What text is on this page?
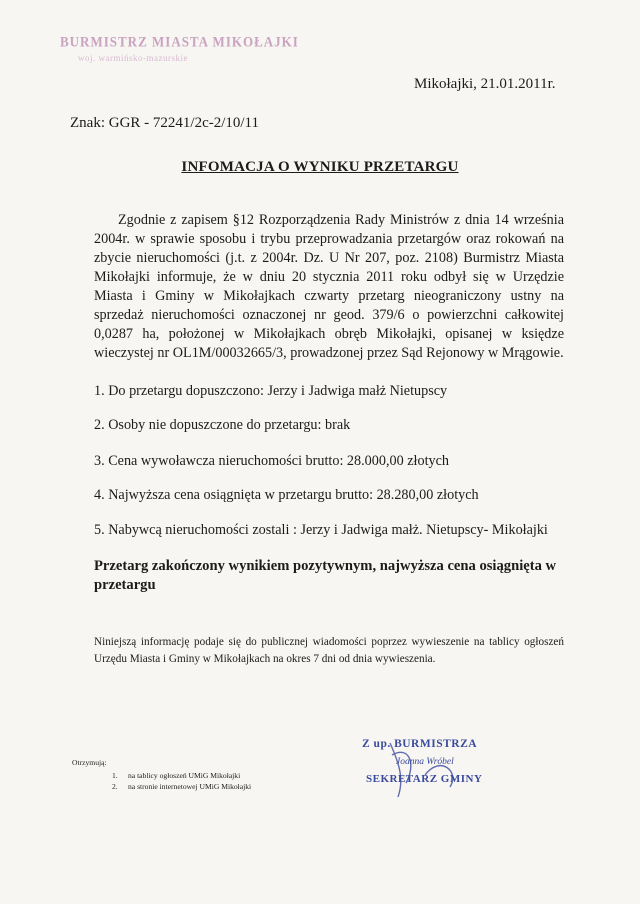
BURMISTRZ MIASTA MIKOŁAJKI
woj. warmińsko-mazurskie
Mikołajki, 21.01.2011r.
Znak: GGR - 72241/2c-2/10/11
INFOMACJA O WYNIKU PRZETARGU
Zgodnie z zapisem §12 Rozporządzenia Rady Ministrów z dnia 14 września 2004r. w sprawie sposobu i trybu przeprowadzania przetargów oraz rokowań na zbycie nieruchomości (j.t. z 2004r. Dz. U Nr 207, poz. 2108) Burmistrz Miasta Mikołajki informuje, że w dniu 20 stycznia 2011 roku odbył się w Urzędzie Miasta i Gminy w Mikołajkach czwarty przetarg nieograniczony ustny na sprzedaż nieruchomości oznaczonej nr geod. 379/6 o powierzchni całkowitej 0,0287 ha, położonej w Mikołajkach obręb Mikołajki, opisanej w księdze wieczystej nr OL1M/00032665/3, prowadzonej przez Sąd Rejonowy w Mrągowie.
1. Do przetargu dopuszczono: Jerzy i Jadwiga małż Nietupscy
2. Osoby nie dopuszczone do przetargu: brak
3. Cena wywoławcza nieruchomości brutto: 28.000,00 złotych
4. Najwyższa cena osiągnięta w przetargu brutto: 28.280,00 złotych
5. Nabywcą nieruchomości zostali : Jerzy i Jadwiga małż. Nietupscy- Mikołajki
Przetarg zakończony wynikiem pozytywnym, najwyższa cena osiągnięta w przetargu
Niniejszą informację podaje się do publicznej wiadomości poprzez wywieszenie na tablicy ogłoszeń Urzędu Miasta i Gminy w Mikołajkach na okres 7 dni od dnia wywieszenia.
Otrzymują:
1. na tablicy ogłoszeń UMiG Mikołajki
2. na stronie internetowej UMiG Mikołajki
Z up. BURMISTRZA
Joanna Wróbel
SEKRETARZ GMINY
